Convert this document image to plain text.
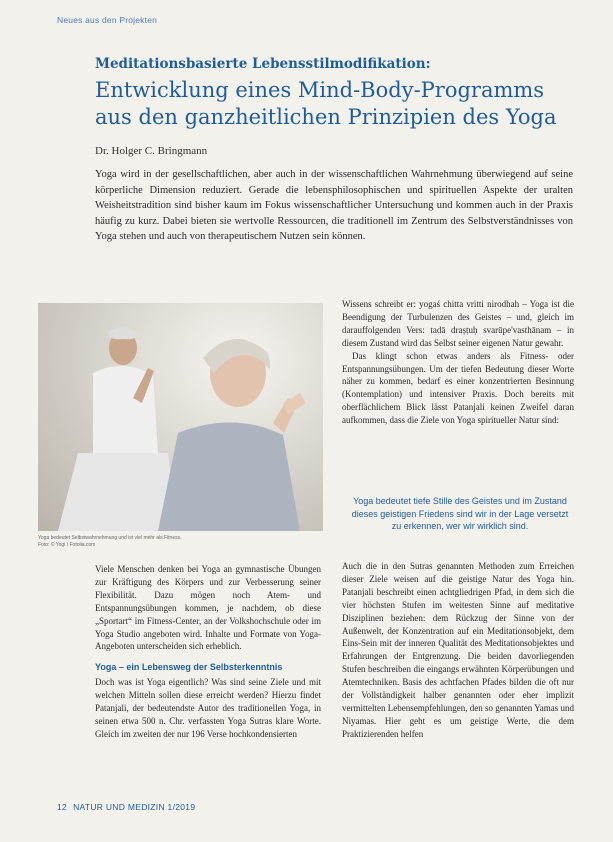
Neues aus den Projekten
Meditationsbasierte Lebensstilmodifikation:
Entwicklung eines Mind-Body-Programms
aus den ganzheitlichen Prinzipien des Yoga
Dr. Holger C. Bringmann

Yoga wird in der gesellschaftlichen, aber auch in der wissenschaftlichen Wahrnehmung überwiegend auf seine körperliche Dimension reduziert. Gerade die lebensphilosophischen und spirituellen Aspekte der uralten Weisheitstradition sind bisher kaum im Fokus wissenschaftlicher Untersuchung und kommen auch in der Praxis häufig zu kurz. Dabei bieten sie wertvolle Ressourcen, die traditionell im Zentrum des Selbstverständnisses von Yoga stehen und auch von therapeutischem Nutzen sein können.

Yoga bedeutet Selbstwahrnehmung und ist viel mehr als Fitness.
Foto: © Yogi / Fotolia.com

Viele Menschen denken bei Yoga an gymnastische Übungen zur Kräftigung des Körpers und zur Verbesserung seiner Flexibilität. Dazu mögen noch Atem- und Entspannungsübungen kommen, je nachdem, ob diese „Sportart“ im Fitness-Center, an der Volkshochschule oder im Yoga Studio angeboten wird. Inhalte und Formate von Yoga-Angeboten unterscheiden sich erheblich.

Yoga – ein Lebensweg der Selbsterkenntnis

Doch was ist Yoga eigentlich? Was sind seine Ziele und mit welchen Mitteln sollen diese erreicht werden? Hierzu findet Patanjali, der bedeutendste Autor des traditionellen Yoga, in seinen etwa 500 n. Chr. verfassten Yoga Sutras klare Worte. Gleich im zweiten der nur 196 Verse hochkondensierten

Wissens schreibt er: yogaś chitta vritti nirodhah – Yoga ist die Beendigung der Turbulenzen des Geistes – und, gleich im darauffolgenden Vers: tadā draṣṭuḥ svarūpe'vasthānam – in diesem Zustand wird das Selbst seiner eigenen Natur gewahr.

Das klingt schon etwas anders als Fitness- oder Entspannungsübungen. Um der tiefen Bedeutung dieser Worte näher zu kommen, bedarf es einer konzentrierten Besinnung (Kontemplation) und intensiver Praxis. Doch bereits mit oberflächlichem Blick lässt Patanjali keinen Zweifel daran aufkommen, dass die Ziele von Yoga spiritueller Natur sind:

Yoga bedeutet tiefe Stille des Geistes und im Zustand dieses geistigen Friedens sind wir in der Lage versetzt zu erkennen, wer wir wirklich sind.

Auch die in den Sutras genannten Methoden zum Erreichen dieser Ziele weisen auf die geistige Natur des Yoga hin. Patanjali beschreibt einen achtgliedrigen Pfad, in dem sich die vier höchsten Stufen im weitesten Sinne auf meditative Disziplinen beziehen: dem Rückzug der Sinne von der Außenwelt, der Konzentration auf ein Meditationsobjekt, dem Eins-Sein mit der inneren Qualität des Meditationsobjektes und Erfahrungen der Entgrenzung. Die beiden davorliegenden Stufen beschreiben die eingangs erwähnten Körperübungen und Atemtechniken. Basis des achtfachen Pfades bilden die oft nur der Vollständigkeit halber genannten oder eher implizit vermittelten Lebensempfehlungen, den so genannten Yamas und Niyamas. Hier geht es um geistige Werte, die dem Praktizierenden helfen

12 NATUR UND MEDIZIN 1/2019
